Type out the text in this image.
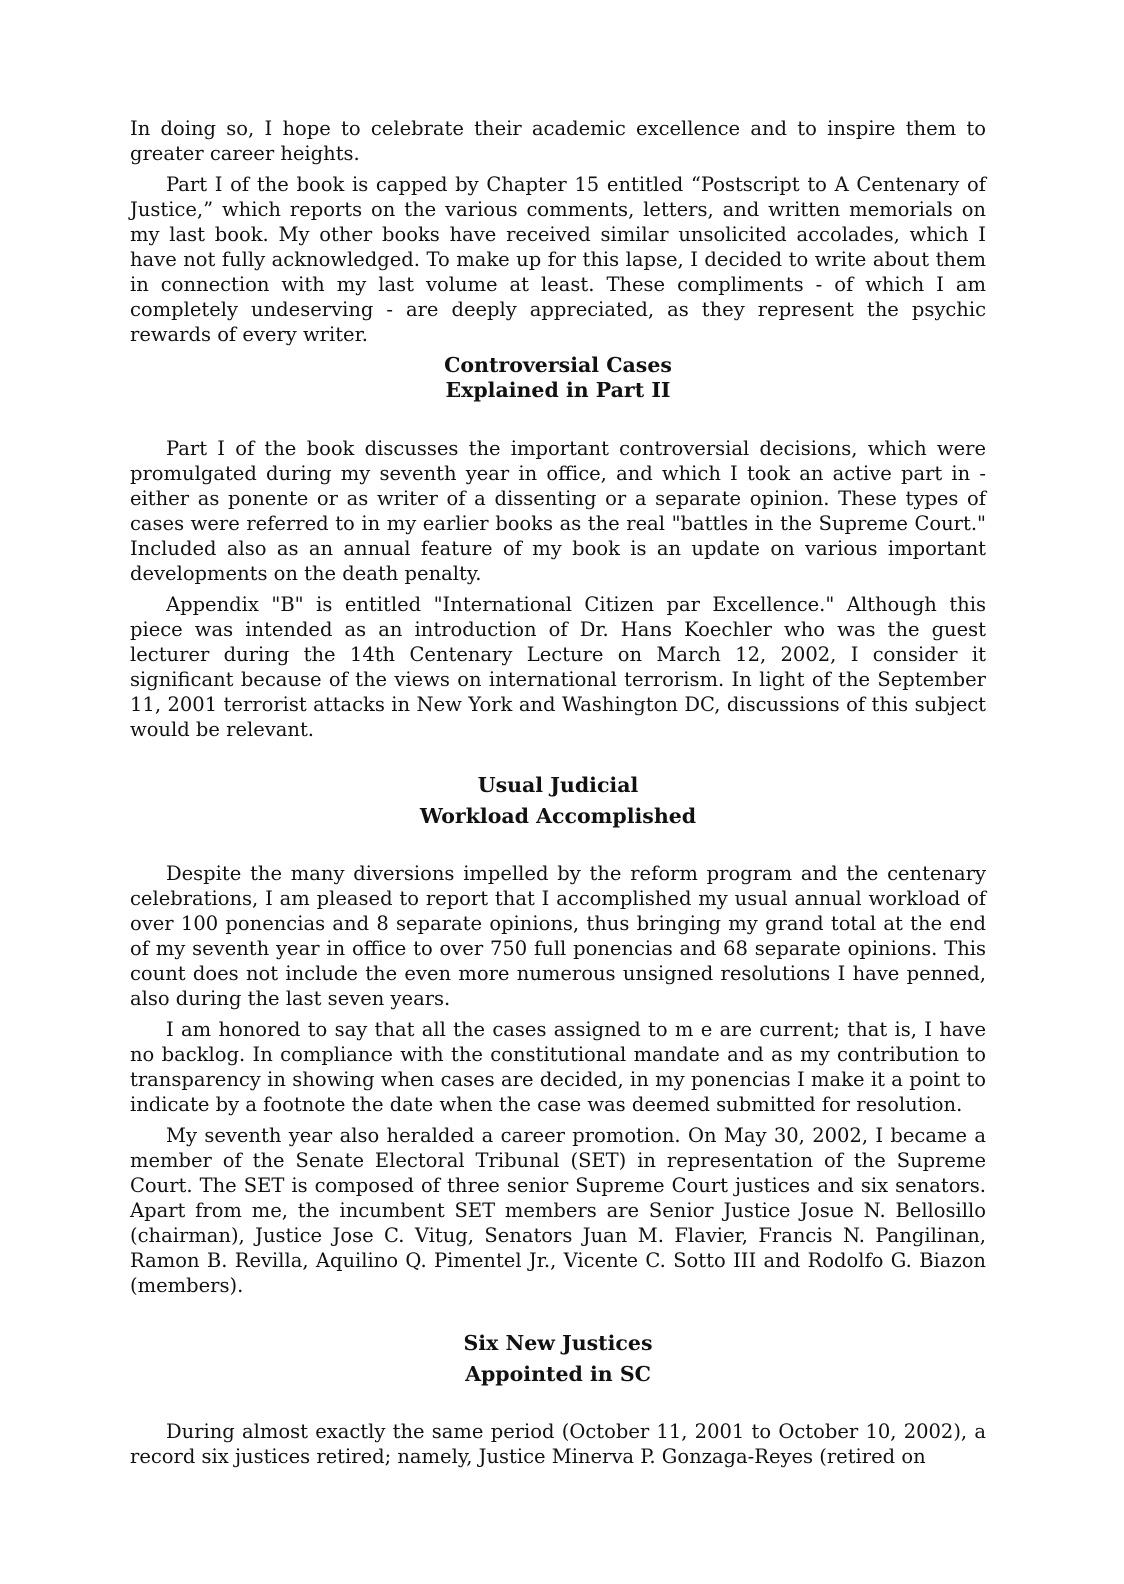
In doing so, I hope to celebrate their academic excellence and to inspire them to greater career heights.

Part I of the book is capped by Chapter 15 entitled “Postscript to A Centenary of Justice,” which reports on the various comments, letters, and written memorials on my last book. My other books have received similar unsolicited accolades, which I have not fully acknowledged. To make up for this lapse, I decided to write about them in connection with my last volume at least. These compliments - of which I am completely undeserving - are deeply appreciated, as they represent the psychic rewards of every writer.

Controversial Cases
Explained in Part II

Part I of the book discusses the important controversial decisions, which were promulgated during my seventh year in office, and which I took an active part in - either as ponente or as writer of a dissenting or a separate opinion. These types of cases were referred to in my earlier books as the real "battles in the Supreme Court." Included also as an annual feature of my book is an update on various important developments on the death penalty.

Appendix "B" is entitled "International Citizen par Excellence." Although this piece was intended as an introduction of Dr. Hans Koechler who was the guest lecturer during the 14th Centenary Lecture on March 12, 2002, I consider it significant because of the views on international terrorism. In light of the September 11, 2001 terrorist attacks in New York and Washington DC, discussions of this subject would be relevant.

Usual Judicial
Workload Accomplished

Despite the many diversions impelled by the reform program and the centenary celebrations, I am pleased to report that I accomplished my usual annual workload of over 100 ponencias and 8 separate opinions, thus bringing my grand total at the end of my seventh year in office to over 750 full ponencias and 68 separate opinions. This count does not include the even more numerous unsigned resolutions I have penned, also during the last seven years.

I am honored to say that all the cases assigned to m e are current; that is, I have no backlog. In compliance with the constitutional mandate and as my contribution to transparency in showing when cases are decided, in my ponencias I make it a point to indicate by a footnote the date when the case was deemed submitted for resolution.

My seventh year also heralded a career promotion. On May 30, 2002, I became a member of the Senate Electoral Tribunal (SET) in representation of the Supreme Court. The SET is composed of three senior Supreme Court justices and six senators. Apart from me, the incumbent SET members are Senior Justice Josue N. Bellosillo (chairman), Justice Jose C. Vitug, Senators Juan M. Flavier, Francis N. Pangilinan, Ramon B. Revilla, Aquilino Q. Pimentel Jr., Vicente C. Sotto III and Rodolfo G. Biazon (members).

Six New Justices
Appointed in SC

During almost exactly the same period (October 11, 2001 to October 10, 2002), a record six justices retired; namely, Justice Minerva P. Gonzaga-Reyes (retired on
